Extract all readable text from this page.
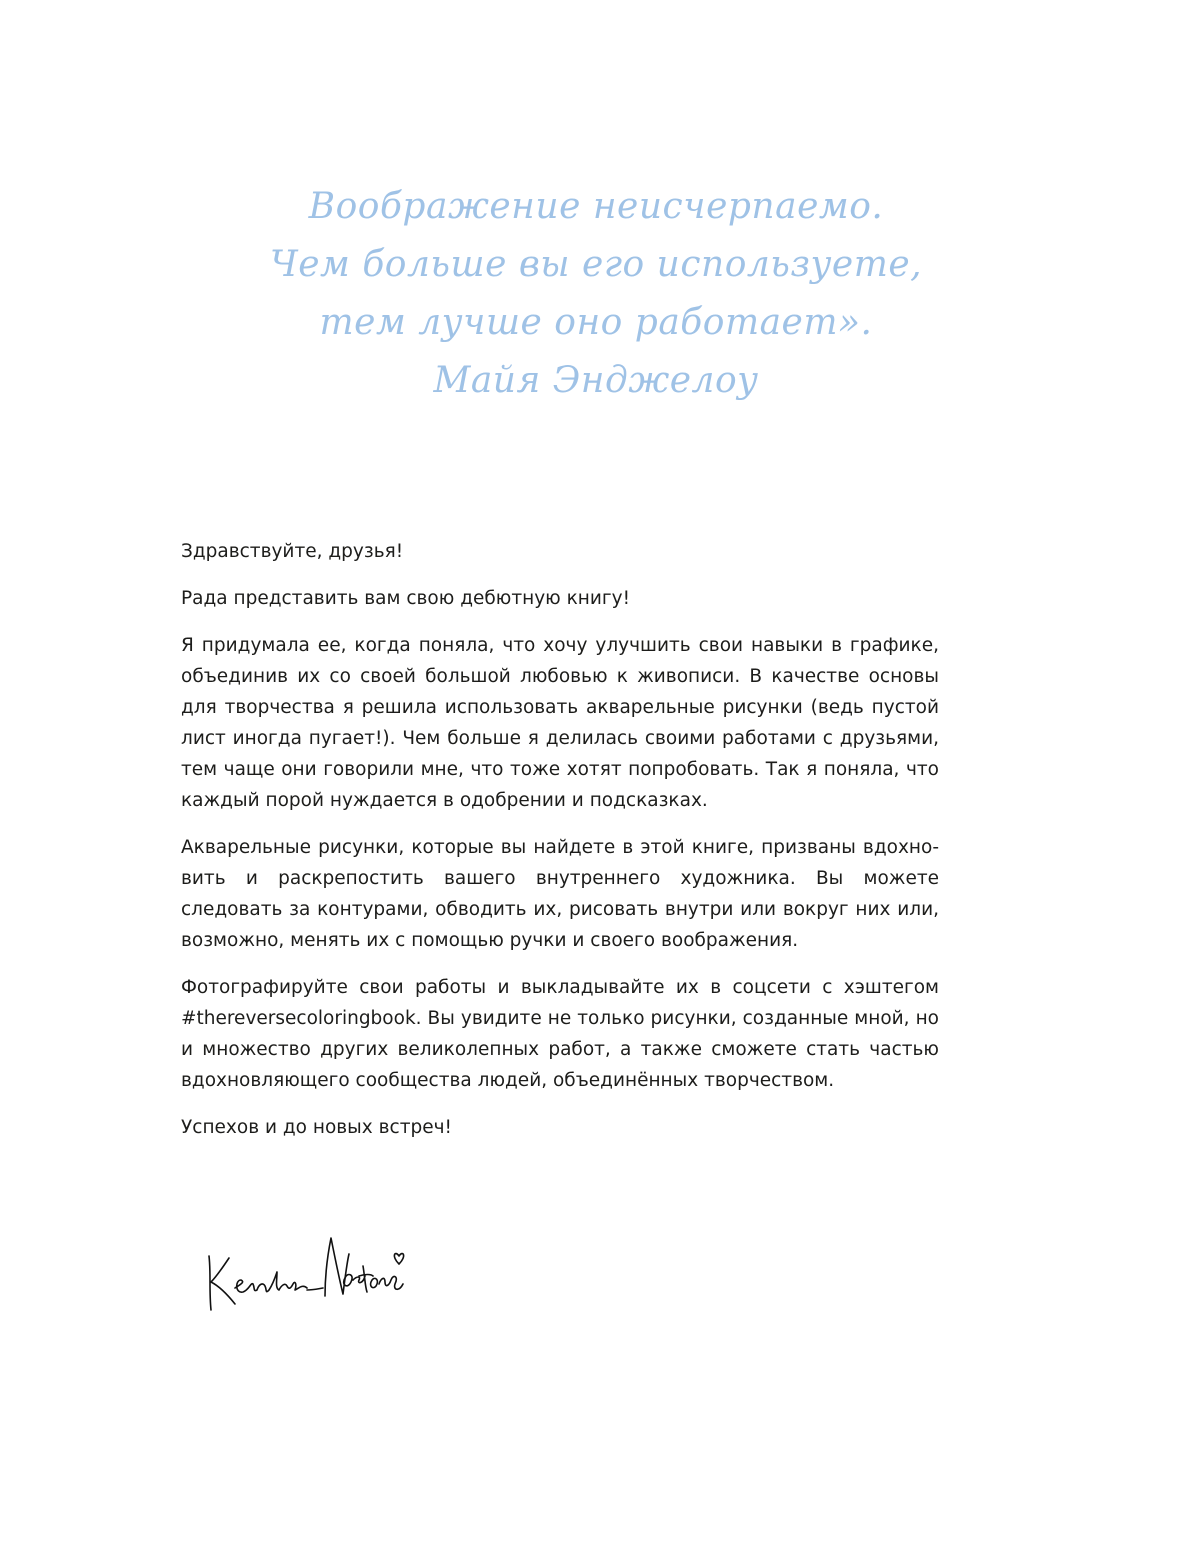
Воображение неисчерпаемо.
Чем больше вы его используете,
тем лучше оно работает».
Майя Энджелоу

Здравствуйте, друзья!

Рада представить вам свою дебютную книгу!

Я придумала ее, когда поняла, что хочу улучшить свои навыки в графике, объединив их со своей большой любовью к живописи. В качестве основы для творчества я решила использовать акварельные рисунки (ведь пустой лист иногда пугает!). Чем больше я делилась своими работами с друзьями, тем чаще они говорили мне, что тоже хотят попробовать. Так я поняла, что каждый порой нуждается в одобрении и подсказках.

Акварельные рисунки, которые вы найдете в этой книге, призваны вдохновить и раскрепостить вашего внутреннего художника. Вы можете следовать за контурами, обводить их, рисовать внутри или вокруг них или, возможно, менять их с помощью ручки и своего воображения.

Фотографируйте свои работы и выкладывайте их в соцсети с хэштегом #thereversecoloringbook. Вы увидите не только рисунки, созданные мной, но и множество других великолепных работ, а также сможете стать частью вдохновляющего сообщества людей, объединённых творчеством.

Успехов и до новых встреч!
